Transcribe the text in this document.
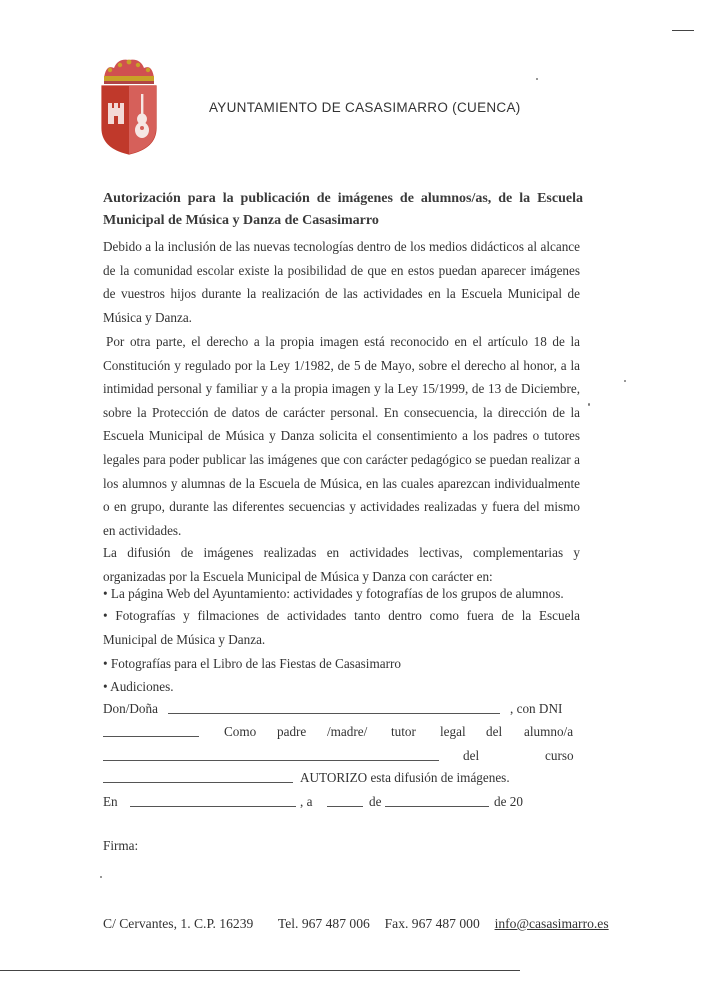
AYUNTAMIENTO DE CASASIMARRO (CUENCA)
Autorización para la publicación de imágenes de alumnos/as, de la Escuela Municipal de Música y Danza de Casasimarro
Debido a la inclusión de las nuevas tecnologías dentro de los medios didácticos al alcance de la comunidad escolar existe la posibilidad de que en estos puedan aparecer imágenes de vuestros hijos durante la realización de las actividades en la Escuela Municipal de Música y Danza.
Por otra parte, el derecho a la propia imagen está reconocido en el artículo 18 de la Constitución y regulado por la Ley 1/1982, de 5 de Mayo, sobre el derecho al honor, a la intimidad personal y familiar y a la propia imagen y la Ley 15/1999, de 13 de Diciembre, sobre la Protección de datos de carácter personal. En consecuencia, la dirección de la Escuela Municipal de Música y Danza solicita el consentimiento a los padres o tutores legales para poder publicar las imágenes que con carácter pedagógico se puedan realizar a los alumnos y alumnas de la Escuela de Música, en las cuales aparezcan individualmente o en grupo, durante las diferentes secuencias y actividades realizadas y fuera del mismo en actividades.
La difusión de imágenes realizadas en actividades lectivas, complementarias y organizadas por la Escuela Municipal de Música y Danza con carácter en:
• La página Web del Ayuntamiento: actividades y fotografías de los grupos de alumnos.
• Fotografías y filmaciones de actividades tanto dentro como fuera de la Escuela Municipal de Música y Danza.
• Fotografías para el Libro de las Fiestas de Casasimarro
• Audiciones.
Don/Doña	, con DNI
Como padre /madre/ tutor legal del alumno/a
del	curso
AUTORIZO esta difusión de imágenes.
En	, a	de	de 20
Firma:
C/ Cervantes, 1. C.P. 16239 Tel. 967 487 006 Fax. 967 487 000 info@casasimarro.es
